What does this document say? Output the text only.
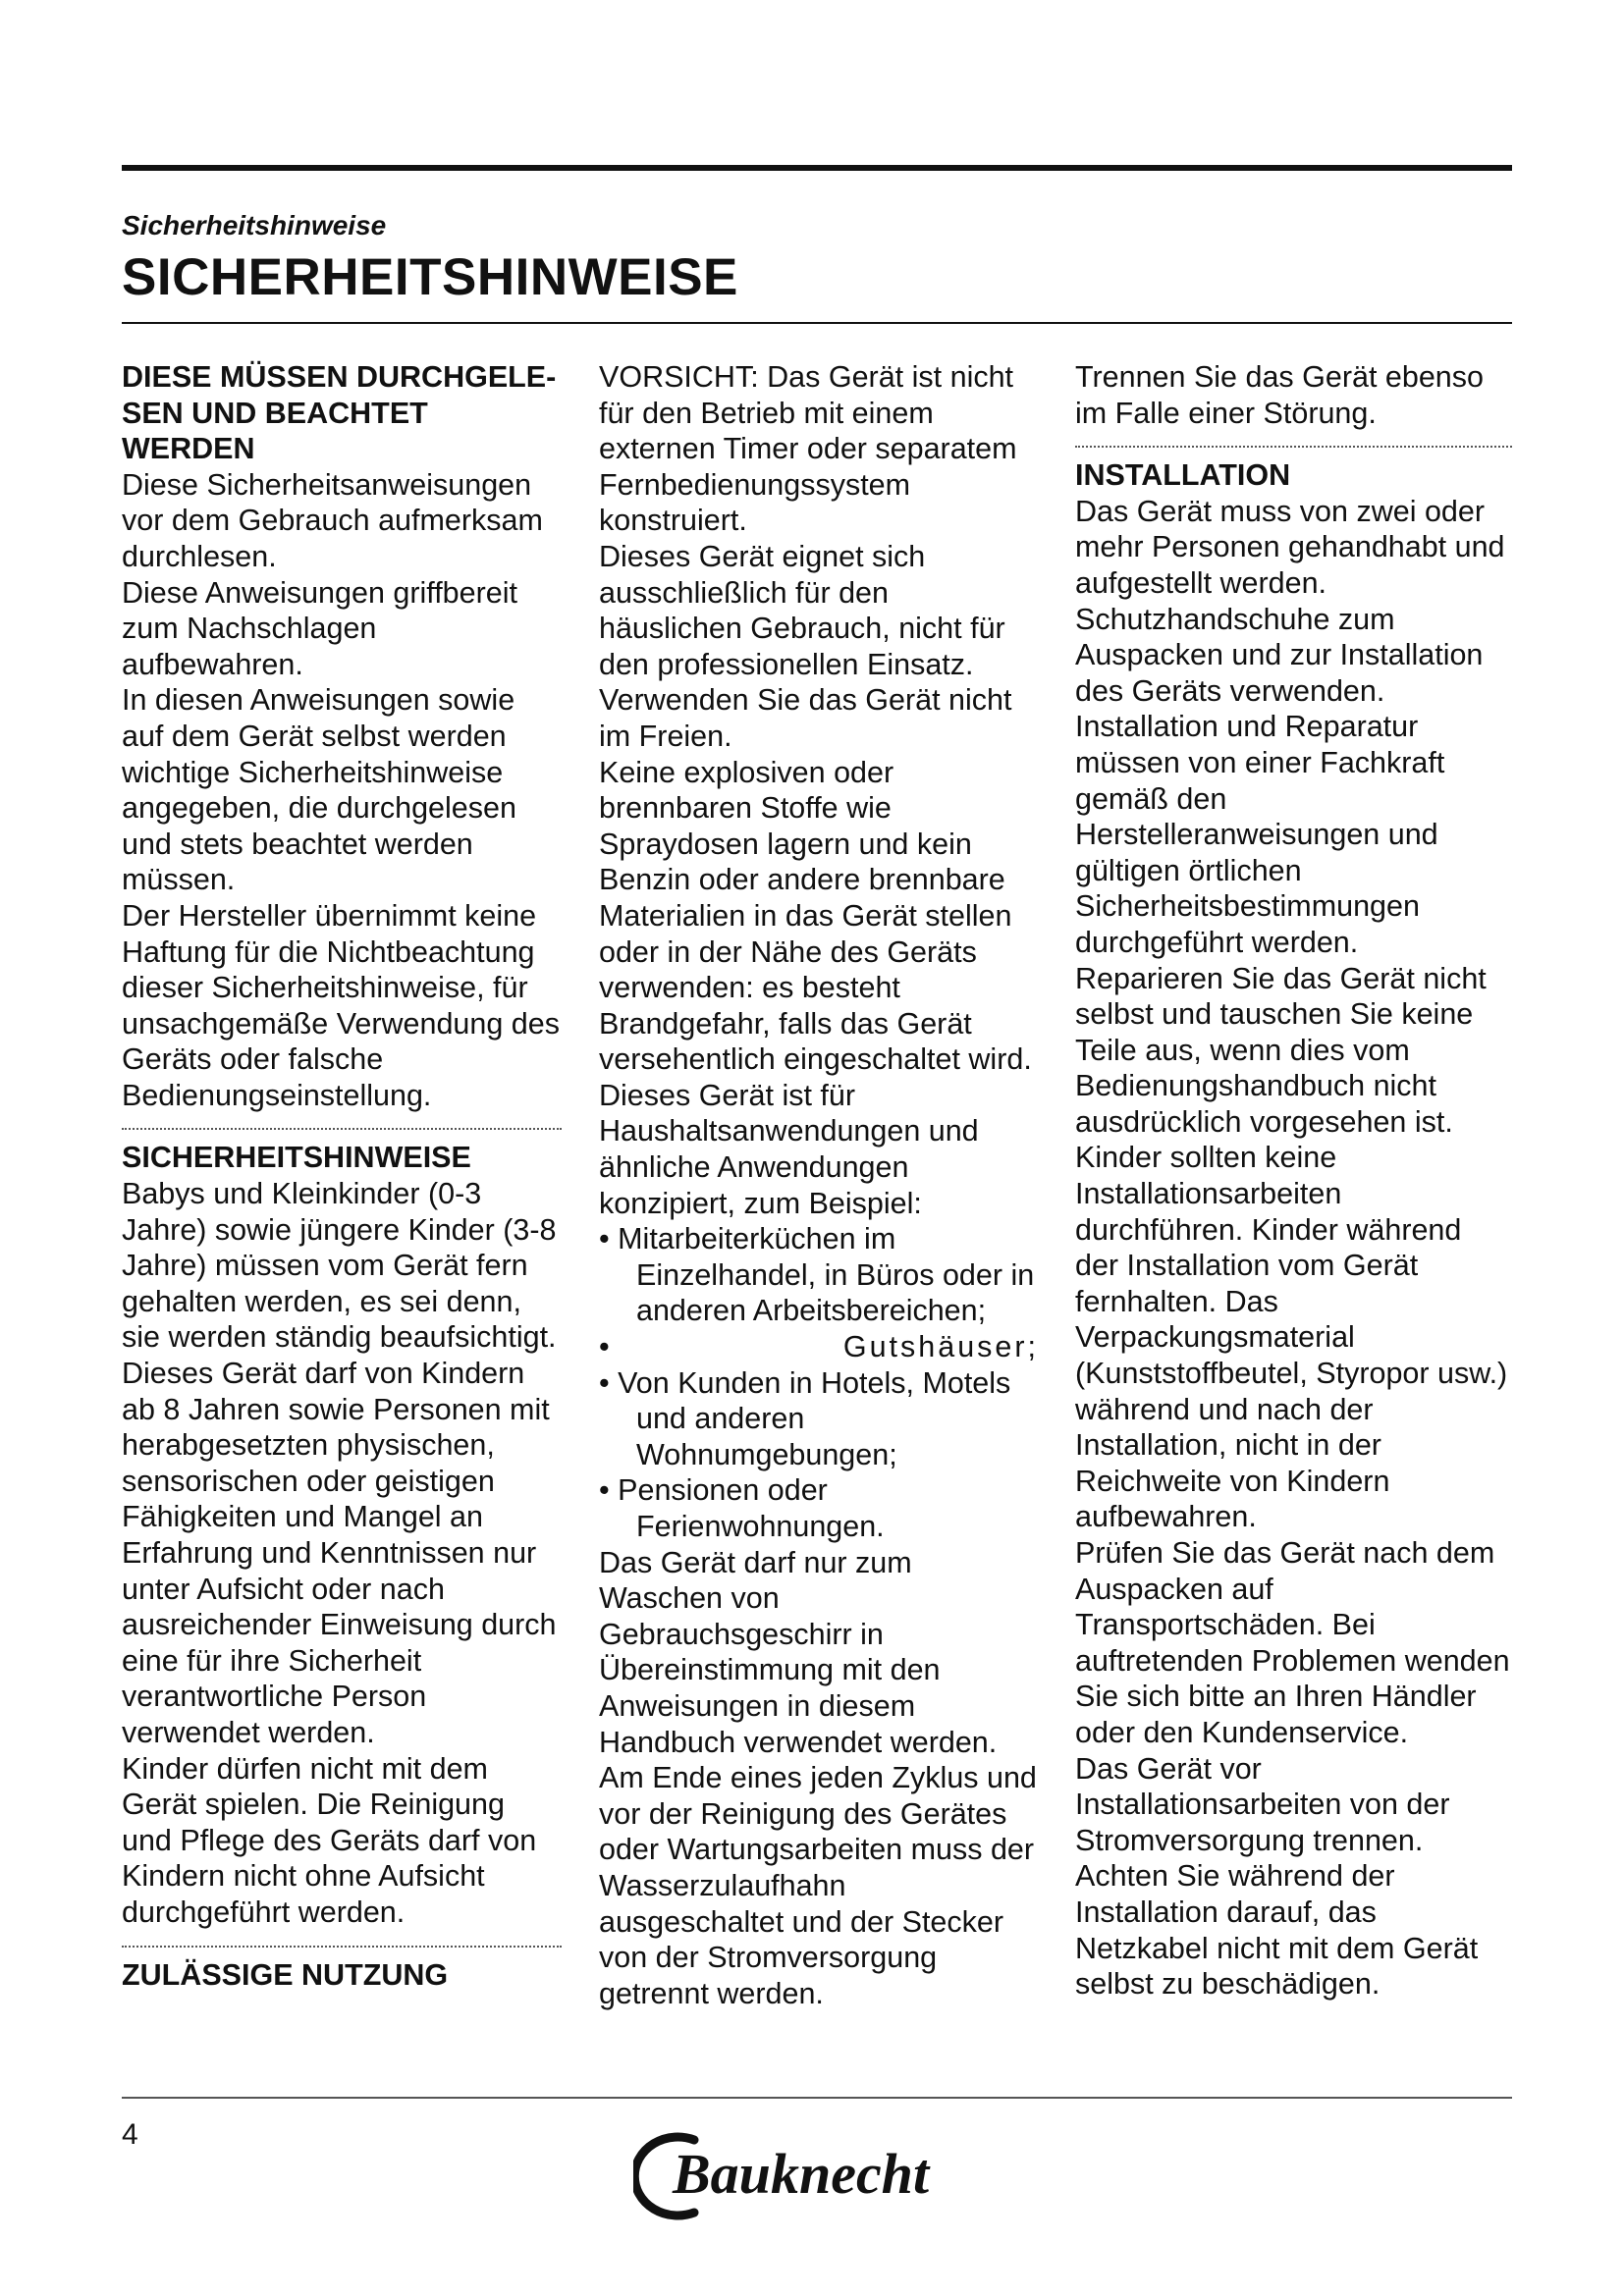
Sicherheitshinweise
SICHERHEITSHINWEISE
DIESE MÜSSEN DURCHGELE-
SEN UND BEACHTET WERDEN

Diese Sicherheitsanweisungen vor dem Gebrauch aufmerksam durchlesen.

Diese Anweisungen griffbereit zum Nachschlagen aufbewahren.

In diesen Anweisungen sowie auf dem Gerät selbst werden wichtige Sicherheitshinweise angegeben, die durchgelesen und stets beachtet werden müssen.

Der Hersteller übernimmt keine Haftung für die Nichtbeachtung dieser Sicherheitshinweise, für unsachgemäße Verwendung des Geräts oder falsche Bedienungseinstellung.

SICHERHEITSHINWEISE

Babys und Kleinkinder (0-3 Jahre) sowie jüngere Kinder (3-8 Jahre) müssen vom Gerät fern gehalten werden, es sei denn, sie werden ständig beaufsichtigt. Dieses Gerät darf von Kindern ab 8 Jahren sowie Personen mit herabgesetzten physischen, sensorischen oder geistigen Fähigkeiten und Mangel an Erfahrung und Kenntnissen nur unter Aufsicht oder nach ausreichender Einweisung durch eine für ihre Sicherheit verantwortliche Person verwendet werden.

Kinder dürfen nicht mit dem Gerät spielen. Die Reinigung und Pflege des Geräts darf von Kindern nicht ohne Aufsicht durchgeführt werden.

ZULÄSSIGE NUTZUNG

VORSICHT: Das Gerät ist nicht für den Betrieb mit einem externen Timer oder separatem Fernbedienungssystem konstruiert.

Dieses Gerät eignet sich ausschließlich für den häuslichen Gebrauch, nicht für den professionellen Einsatz.

Verwenden Sie das Gerät nicht im Freien.

Keine explosiven oder brennbaren Stoffe wie Spraydosen lagern und kein Benzin oder andere brennbare Materialien in das Gerät stellen oder in der Nähe des Geräts verwenden: es besteht Brandgefahr, falls das Gerät versehentlich eingeschaltet wird.

Dieses Gerät ist für Haushaltsanwendungen und ähnliche Anwendungen konzipiert, zum Beispiel:

• Mitarbeiterküchen im Einzelhandel, in Büros oder in anderen Arbeitsbereichen;

• Gutshäuser;

• Von Kunden in Hotels, Motels und anderen Wohnumgebungen;

• Pensionen oder Ferienwohnungen.

Das Gerät darf nur zum Waschen von Gebrauchsgeschirr in Übereinstimmung mit den Anweisungen in diesem Handbuch verwendet werden.

Am Ende eines jeden Zyklus und vor der Reinigung des Gerätes oder Wartungsarbeiten muss der Wasserzulaufhahn ausgeschaltet und der Stecker von der Stromversorgung getrennt werden.

Trennen Sie das Gerät ebenso im Falle einer Störung.

INSTALLATION

Das Gerät muss von zwei oder mehr Personen gehandhabt und aufgestellt werden.

Schutzhandschuhe zum Auspacken und zur Installation des Geräts verwenden.

Installation und Reparatur müssen von einer Fachkraft gemäß den Herstelleranweisungen und gültigen örtlichen Sicherheitsbestimmungen durchgeführt werden.

Reparieren Sie das Gerät nicht selbst und tauschen Sie keine Teile aus, wenn dies vom Bedienungshandbuch nicht ausdrücklich vorgesehen ist.

Kinder sollten keine Installationsarbeiten durchführen. Kinder während der Installation vom Gerät fernhalten. Das Verpackungsmaterial (Kunststoffbeutel, Styropor usw.) während und nach der Installation, nicht in der Reichweite von Kindern aufbewahren.

Prüfen Sie das Gerät nach dem Auspacken auf Transportschäden. Bei auftretenden Problemen wenden Sie sich bitte an Ihren Händler oder den Kundenservice.

Das Gerät vor Installationsarbeiten von der Stromversorgung trennen.

Achten Sie während der Installation darauf, das Netzkabel nicht mit dem Gerät selbst zu beschädigen.

4
Bauknecht
